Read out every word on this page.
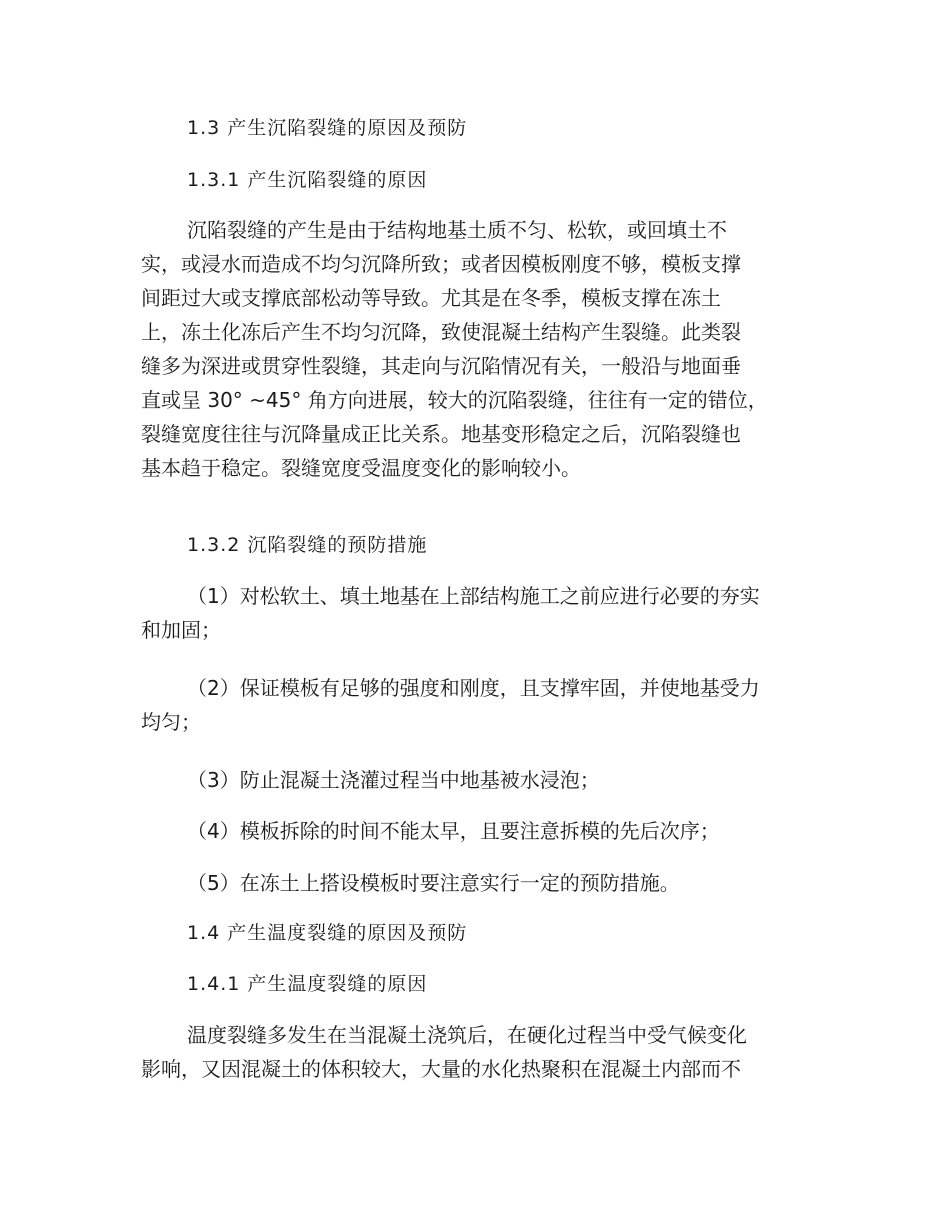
1.3 产生沉陷裂缝的原因及预防
1.3.1 产生沉陷裂缝的原因
沉陷裂缝的产生是由于结构地基土质不匀、松软，或回填土不
实，或浸水而造成不均匀沉降所致；或者因模板刚度不够，模板支撑
间距过大或支撑底部松动等导致。尤其是在冬季，模板支撑在冻土
上，冻土化冻后产生不均匀沉降，致使混凝土结构产生裂缝。此类裂
缝多为深进或贯穿性裂缝，其走向与沉陷情况有关，一般沿与地面垂
直或呈 30° ~45° 角方向进展，较大的沉陷裂缝，往往有一定的错位，
裂缝宽度往往与沉降量成正比关系。地基变形稳定之后，沉陷裂缝也
基本趋于稳定。裂缝宽度受温度变化的影响较小。
1.3.2 沉陷裂缝的预防措施
（1）对松软土、填土地基在上部结构施工之前应进行必要的夯实
和加固；
（2）保证模板有足够的强度和刚度，且支撑牢固，并使地基受力
均匀；
（3）防止混凝土浇灌过程当中地基被水浸泡；
（4）模板拆除的时间不能太早，且要注意拆模的先后次序；
（5）在冻土上搭设模板时要注意实行一定的预防措施。
1.4 产生温度裂缝的原因及预防
1.4.1 产生温度裂缝的原因
温度裂缝多发生在当混凝土浇筑后，在硬化过程当中受气候变化
影响，又因混凝土的体积较大，大量的水化热聚积在混凝土内部而不
